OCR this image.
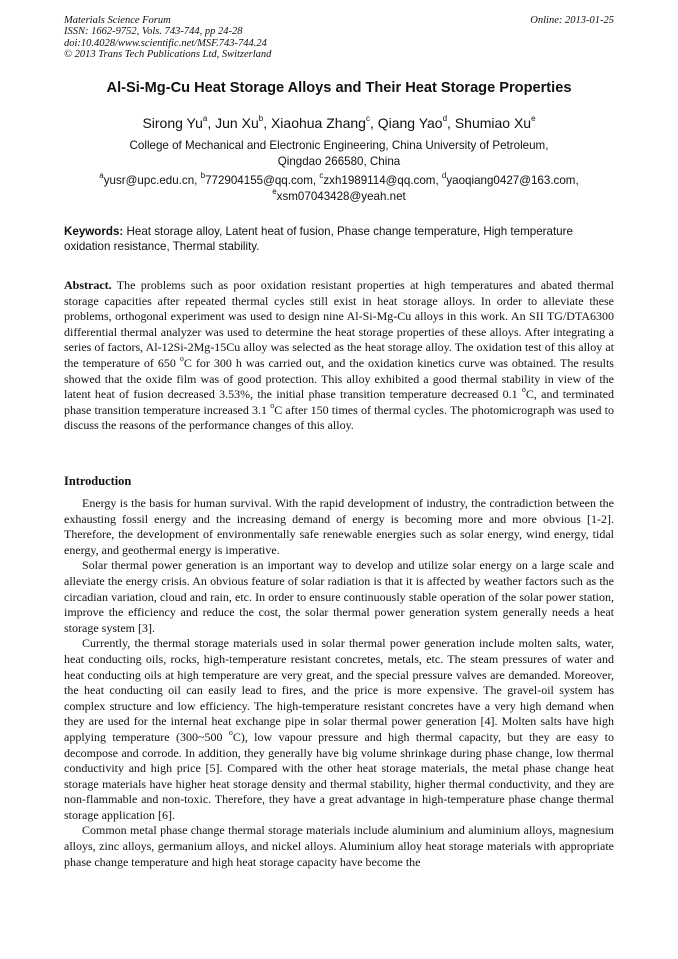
Materials Science Forum
ISSN: 1662-9752, Vols. 743-744, pp 24-28
doi:10.4028/www.scientific.net/MSF.743-744.24
© 2013 Trans Tech Publications Ltd, Switzerland
Online: 2013-01-25
Al-Si-Mg-Cu Heat Storage Alloys and Their Heat Storage Properties
Sirong Yu$^a$, Jun Xu$^b$, Xiaohua Zhang$^c$, Qiang Yao$^d$, Shumiao Xu$^e$
College of Mechanical and Electronic Engineering, China University of Petroleum,
Qingdao 266580, China
$^a$yusr@upc.edu.cn, $^b$772904155@qq.com, $^c$zxh1989114@qq.com, $^d$yaoqiang0427@163.com,
$^e$xsm07043428@yeah.net
Keywords: Heat storage alloy, Latent heat of fusion, Phase change temperature, High temperature oxidation resistance, Thermal stability.
Abstract. The problems such as poor oxidation resistant properties at high temperatures and abated thermal storage capacities after repeated thermal cycles still exist in heat storage alloys. In order to alleviate these problems, orthogonal experiment was used to design nine Al-Si-Mg-Cu alloys in this work. An SII TG/DTA6300 differential thermal analyzer was used to determine the heat storage properties of these alloys. After integrating a series of factors, Al-12Si-2Mg-15Cu alloy was selected as the heat storage alloy. The oxidation test of this alloy at the temperature of 650 $^o$C for 300 h was carried out, and the oxidation kinetics curve was obtained. The results showed that the oxide film was of good protection. This alloy exhibited a good thermal stability in view of the latent heat of fusion decreased 3.53%, the initial phase transition temperature decreased 0.1 $^o$C, and terminated phase transition temperature increased 3.1 $^o$C after 150 times of thermal cycles. The photomicrograph was used to discuss the reasons of the performance changes of this alloy.
Introduction

Energy is the basis for human survival. With the rapid development of industry, the contradiction between the exhausting fossil energy and the increasing demand of energy is becoming more and more obvious [1-2]. Therefore, the development of environmentally safe renewable energies such as solar energy, wind energy, tidal energy, and geothermal energy is imperative.

Solar thermal power generation is an important way to develop and utilize solar energy on a large scale and alleviate the energy crisis. An obvious feature of solar radiation is that it is affected by weather factors such as the circadian variation, cloud and rain, etc. In order to ensure continuously stable operation of the solar power station, improve the efficiency and reduce the cost, the solar thermal power generation system generally needs a heat storage system [3].

Currently, the thermal storage materials used in solar thermal power generation include molten salts, water, heat conducting oils, rocks, high-temperature resistant concretes, metals, etc. The steam pressures of water and heat conducting oils at high temperature are very great, and the special pressure valves are demanded. Moreover, the heat conducting oil can easily lead to fires, and the price is more expensive. The gravel-oil system has complex structure and low efficiency. The high-temperature resistant concretes have a very high demand when they are used for the internal heat exchange pipe in solar thermal power generation [4]. Molten salts have high applying temperature (300~500 $^o$C), low vapour pressure and high thermal capacity, but they are easy to decompose and corrode. In addition, they generally have big volume shrinkage during phase change, low thermal conductivity and high price [5]. Compared with the other heat storage materials, the metal phase change heat storage materials have higher heat storage density and thermal stability, higher thermal conductivity, and they are non-flammable and non-toxic. Therefore, they have a great advantage in high-temperature phase change thermal storage application [6].

Common metal phase change thermal storage materials include aluminium and aluminium alloys, magnesium alloys, zinc alloys, germanium alloys, and nickel alloys. Aluminium alloy heat storage materials with appropriate phase change temperature and high heat storage capacity have become the
